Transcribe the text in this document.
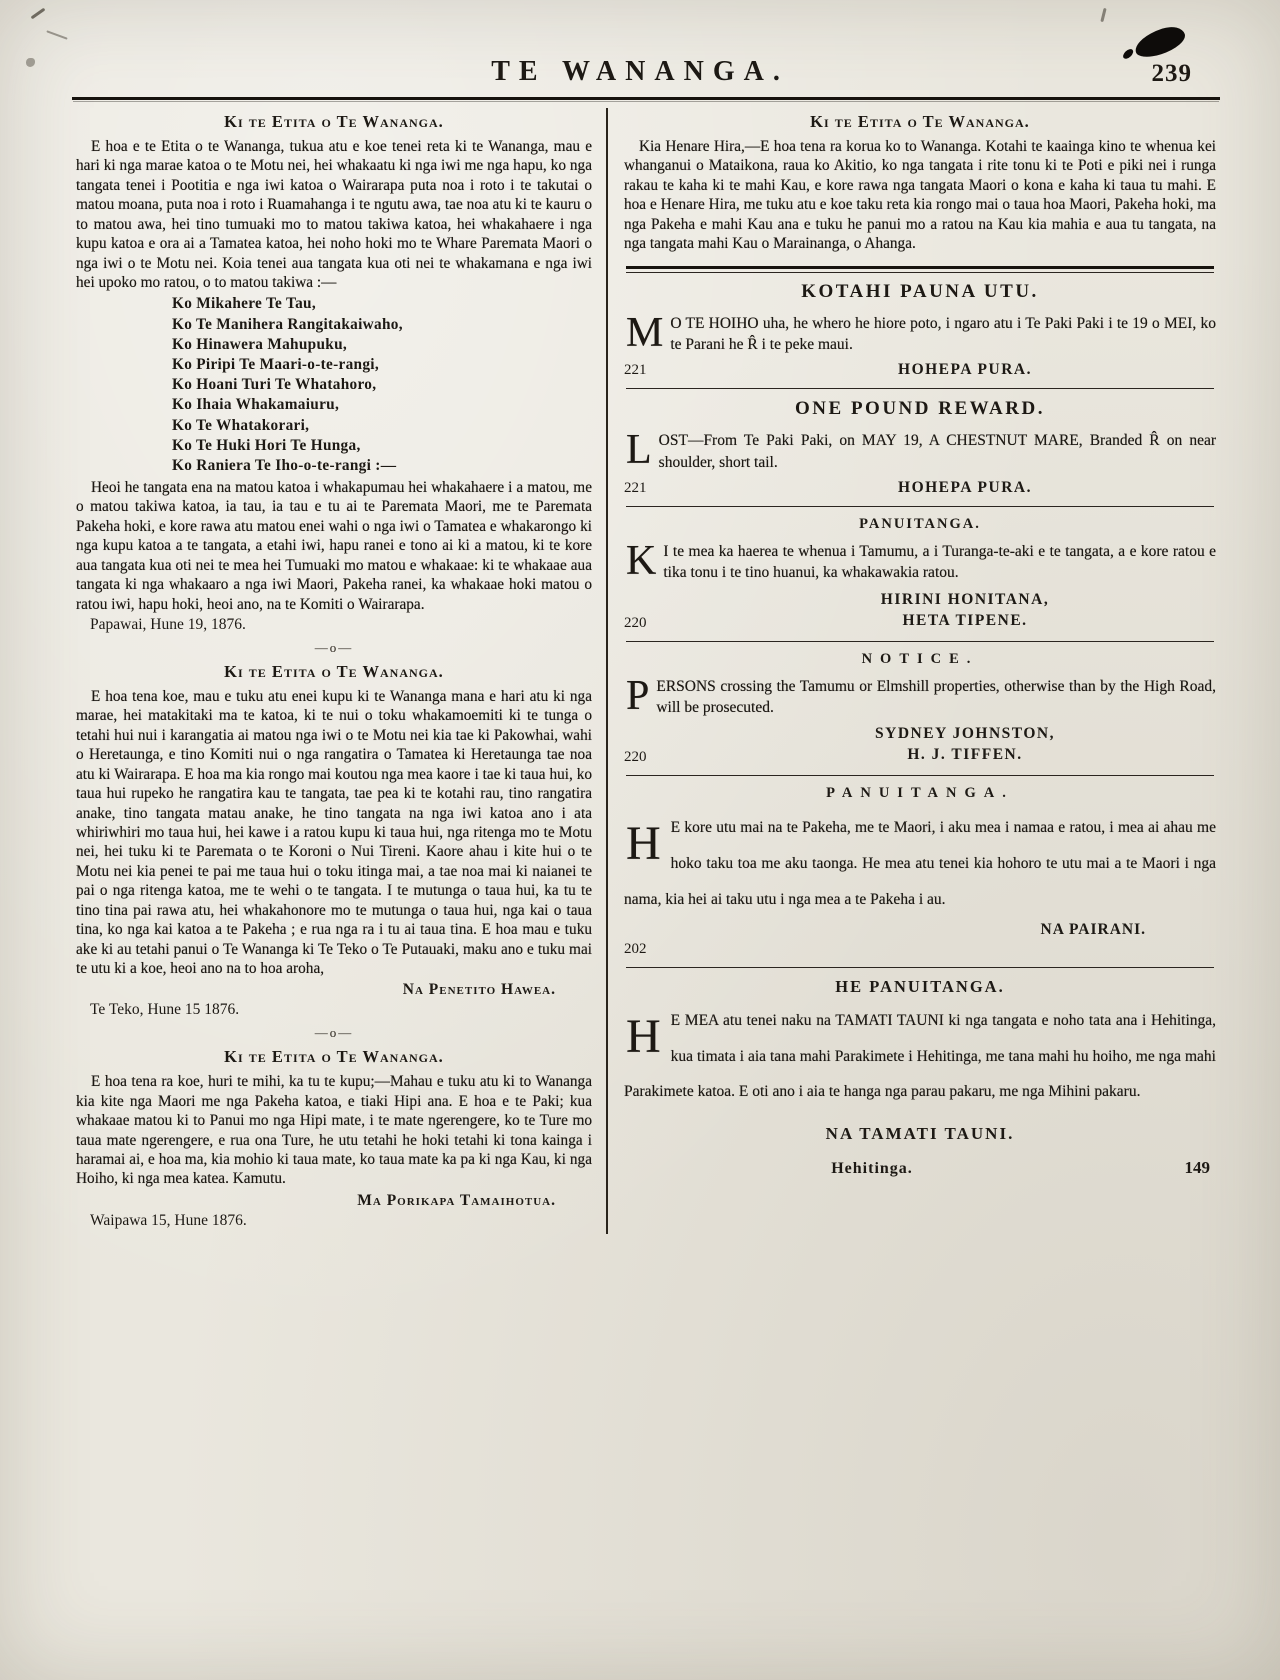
TE WANANGA.	239
Ki te Etita o Te Wananga.

E hoa e te Etita o te Wananga, tukua atu e koe tenei reta ki te Wananga, mau e hari ki nga marae katoa o te Motu nei, hei whakaatu ki nga iwi me nga hapu, ko nga tangata tenei i Pootitia e nga iwi katoa o Wairarapa puta noa i roto i te takutai o matou moana, puta noa i roto i Ruamahanga i te ngutu awa, tae noa atu ki te kauru o to matou awa, hei tino tumuaki mo to matou takiwa katoa, hei whakahaere i nga kupu katoa e ora ai a Tamatea katoa, hei noho hoki mo te Whare Paremata Maori o nga iwi o te Motu nei. Koia tenei aua tangata kua oti nei te whakamana e nga iwi hei upoko mo ratou, o to matou takiwa :—

Ko Mikahere Te Tau,
Ko Te Manihera Rangitakaiwaho,
Ko Hinawera Mahupuku,
Ko Piripi Te Maari-o-te-rangi,
Ko Hoani Turi Te Whatahoro,
Ko Ihaia Whakamaiuru,
Ko Te Whatakorari,
Ko Te Huki Hori Te Hunga,
Ko Raniera Te Iho-o-te-rangi :—

Heoi he tangata ena na matou katoa i whakapumau hei whakahaere i a matou, me o matou takiwa katoa, ia tau, ia tau e tu ai te Paremata Maori, me te Paremata Pakeha hoki, e kore rawa atu matou enei wahi o nga iwi o Tamatea e whakarongo ki nga kupu katoa a te tangata, a etahi iwi, hapu ranei e tono ai ki a matou, ki te kore aua tangata kua oti nei te mea hei Tumuaki mo matou e whakaae: ki te whakaae aua tangata ki nga whakaaro a nga iwi Maori, Pakeha ranei, ka whakaae hoki matou o ratou iwi, hapu hoki, heoi ano, na te Komiti o Wairarapa.

Papawai, Hune 19, 1876.

—o—
Ki te Etita o Te Wananga.

E hoa tena koe, mau e tuku atu enei kupu ki te Wananga mana e hari atu ki nga marae, hei matakitaki ma te katoa, ki te nui o toku whakamoemiti ki te tunga o tetahi hui nui i karangatia ai matou nga iwi o te Motu nei kia tae ki Pakowhai, wahi o Heretaunga, e tino Komiti nui o nga rangatira o Tamatea ki Heretaunga tae noa atu ki Wairarapa. E hoa ma kia rongo mai koutou nga mea kaore i tae ki taua hui, ko taua hui rupeko he rangatira kau te tangata, tae pea ki te kotahi rau, tino rangatira anake, tino tangata matau anake, he tino tangata na nga iwi katoa ano i ata whiriwhiri mo taua hui, hei kawe i a ratou kupu ki taua hui, nga ritenga mo te Motu nei, hei tuku ki te Paremata o te Koroni o Nui Tireni. Kaore ahau i kite hui o te Motu nei kia penei te pai me taua hui o toku itinga mai, a tae noa mai ki naianei te pai o nga ritenga katoa, me te wehi o te tangata. I te mutunga o taua hui, ka tu te tino tina pai rawa atu, hei whakahonore mo te mutunga o taua hui, nga kai o taua tina, ko nga kai katoa a te Pakeha ; e rua nga ra i tu ai taua tina. E hoa mau e tuku ake ki au tetahi panui o Te Wananga ki Te Teko o Te Putauaki, maku ano e tuku mai te utu ki a koe, heoi ano na to hoa aroha,

Na Penetito Hawea.

Te Teko, Hune 15 1876.

—o—
Ki te Etita o Te Wananga.

E hoa tena ra koe, huri te mihi, ka tu te kupu;—Mahau e tuku atu ki to Wananga kia kite nga Maori me nga Pakeha katoa, e tiaki Hipi ana. E hoa e te Paki; kua whakaae matou ki to Panui mo nga Hipi mate, i te mate ngerengere, ko te Ture mo taua mate ngerengere, e rua ona Ture, he utu tetahi he hoki tetahi ki tona kainga i haramai ai, e hoa ma, kia mohio ki taua mate, ko taua mate ka pa ki nga Kau, ki nga Hoiho, ki nga mea katea. Kamutu.

Ma Porikapa Tamaihotua.

Waipawa 15, Hune 1876.

Ki te Etita o Te Wananga.

Kia Henare Hira,—E hoa tena ra korua ko to Wananga. Kotahi te kaainga kino te whenua kei whanganui o Mataikona, raua ko Akitio, ko nga tangata i rite tonu ki te Poti e piki nei i runga rakau te kaha ki te mahi Kau, e kore rawa nga tangata Maori o kona e kaha ki taua tu mahi. E hoa e Henare Hira, me tuku atu e koe taku reta kia rongo mai o taua hoa Maori, Pakeha hoki, ma nga Pakeha e mahi Kau ana e tuku he panui mo a ratou na Kau kia mahia e aua tu tangata, na nga tangata mahi Kau o Marainanga, o Ahanga.

KOTAHI PAUNA UTU.

M O TE HOIHO uha, he whero he hiore poto, i ngaro atu i Te Paki Paki i te 19 o MEI, ko te Parani he R̂ i te peke maui.

221	HOHEPA PURA.
ONE POUND REWARD.

LOST—From Te Paki Paki, on MAY 19, A CHESTNUT MARE, Branded R̂ on near shoulder, short tail.

221	HOHEPA PURA.
PANUITANGA.

K I te mea ka haerea te whenua i Tamumu, a i Turanga-te-aki e te tangata, a e kore ratou e tika tonu i te tino huanui, ka whakawakia ratou.

220
HIRINI HONITANA,
HETA TIPENE.
NOTICE.

PERSONS crossing the Tamumu or Elmshill properties, otherwise than by the High Road, will be prosecuted.

220
SYDNEY JOHNSTON,
H. J. TIFFEN.
PANUITANGA.

H E kore utu mai na te Pakeha, me te Maori, i aku mea i namaa e ratou, i mea ai ahau me hoko taku toa me aku taonga. He mea atu tenei kia hohoro te utu mai a te Maori i nga nama, kia hei ai taku utu i nga mea a te Pakeha i au.

NA PAIRANI.
202
HE PANUITANGA.

H E MEA atu tenei naku na TAMATI TAUNI ki nga tangata e noho tata ana i Hehitinga, kua timata i aia tana mahi Parakimete i Hehitinga, me tana mahi hu hoiho, me nga mahi Parakimete katoa. E oti ano i aia te hanga nga parau pakaru, me nga Mihini pakaru.

NA TAMATI TAUNI.
Hehitinga.	149
